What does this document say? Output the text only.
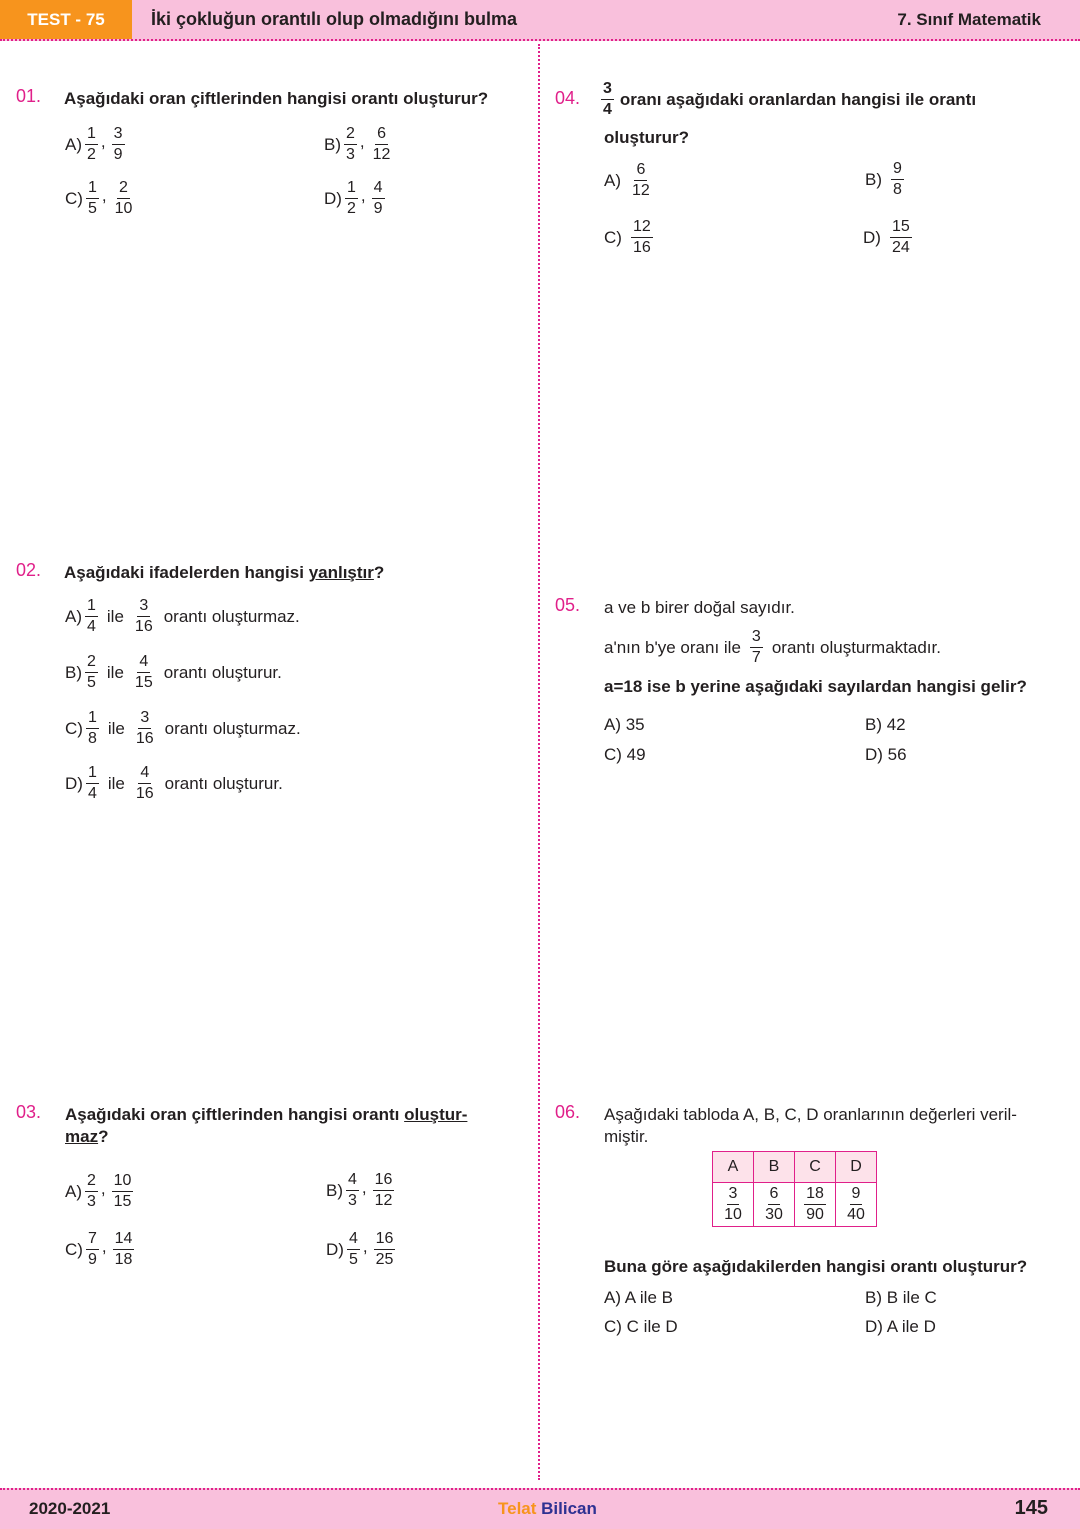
TEST - 75	İki çokluğun orantılı olup olmadığını bulma	7. Sınıf Matematik
01. Aşağıdaki oran çiftlerinden hangisi orantı oluşturur?
$A) \frac{1}{2}$ , $\frac{3}{9}$	$B) \frac{2}{3}$ , $\frac{6}{12}$
$C) \frac{1}{5}$ , $\frac{2}{10}$	$D) \frac{1}{2}$ , $\frac{4}{9}$
02. Aşağıdaki ifadelerden hangisi yanlıştır?
$A) \frac{1}{4}$ ile $\frac{3}{16}$ orantı oluşturmaz.
$B) \frac{2}{5}$ ile $\frac{4}{15}$ orantı oluşturur.
$C) \frac{1}{8}$ ile $\frac{3}{16}$ orantı oluşturmaz.
$D) \frac{1}{4}$ ile $\frac{4}{16}$ orantı oluşturur.
03. Aşağıdaki oran çiftlerinden hangisi orantı oluştur-
maz?
$A) \frac{2}{3}$ , $\frac{10}{15}$	$B) \frac{4}{3}$ , $\frac{16}{12}$
$C) \frac{7}{9}$ , $\frac{14}{18}$	$D) \frac{4}{5}$ , $\frac{16}{25}$
04. $\frac{3}{4}$ oranı aşağıdaki oranlardan hangisi ile orantı
oluşturur?
$A) \frac{6}{12}$	$B) \frac{9}{8}$
$C) \frac{12}{16}$	$D) \frac{15}{24}$
05. a ve b birer doğal sayıdır.
a'nın b'ye oranı ile $\frac{3}{7}$ orantı oluşturmaktadır.
a=18 ise b yerine aşağıdaki sayılardan hangisi gelir?
A) 35	B) 42
C) 49	D) 56
06. Aşağıdaki tabloda A, B, C, D oranlarının değerleri veril-
miştir.
A	B	C	D

$\frac{3}{10}$	$\frac{6}{30}$	$\frac{18}{90}$	$\frac{9}{40}$
Buna göre aşağıdakilerden hangisi orantı oluşturur?
A) A ile B	B) B ile C
C) C ile D	D) A ile D
2020-2021	Telat Bilican	145
